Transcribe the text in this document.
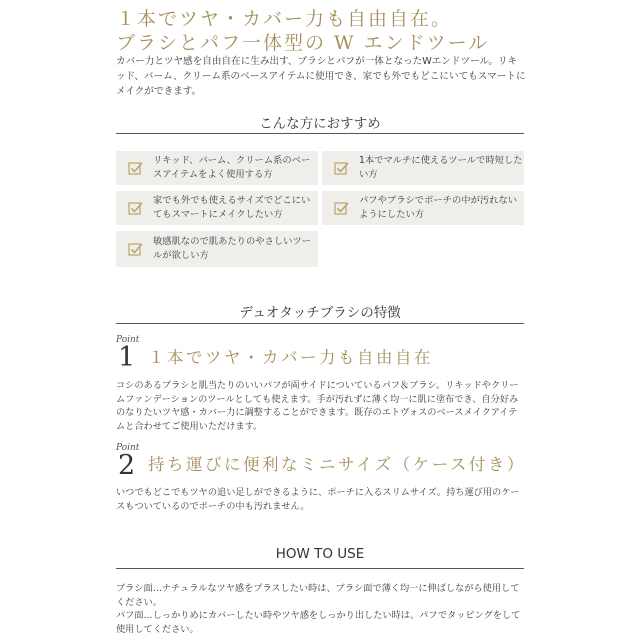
１本でツヤ・カバー力も自由自在。
ブラシとパフ一体型の W エンドツール
カバー力とツヤ感を自由自在に生み出す、ブラシとパフが一体となったWエンドツール。リキッド、バーム、クリーム系のベースアイテムに使用でき、家でも外でもどこにいてもスマートにメイクができます。
こんな方におすすめ
リキッド、バーム、クリーム系のベースアイテムをよく使用する方
1本でマルチに使えるツールで時短したい方
家でも外でも使えるサイズでどこにいてもスマートにメイクしたい方
パフやブラシでポーチの中が汚れないようにしたい方
敏感肌なので肌あたりのやさしいツールが欲しい方
デュオタッチブラシの特徴
Point
1 １本でツヤ・カバー力も自由自在
コシのあるブラシと肌当たりのいいパフが両サイドについているパフ＆ブラシ。リキッドやクリームファンデーションのツールとしても使えます。手が汚れずに薄く均一に肌に塗布でき、自分好みのなりたいツヤ感・カバー力に調整することができます。既存のエトヴォスのベースメイクアイテムと合わせてご使用いただけます。
Point
2 持ち運びに便利なミニサイズ（ケース付き）
いつでもどこでもツヤの追い足しができるように、ポーチに入るスリムサイズ。持ち運び用のケースもついているのでポーチの中も汚れません。
HOW TO USE
ブラシ面…ナチュラルなツヤ感をプラスしたい時は、ブラシ面で薄く均一に伸ばしながら使用してください。
パフ面…しっかりめにカバーしたい時やツヤ感をしっかり出したい時は、パフでタッピングをして使用してください。
